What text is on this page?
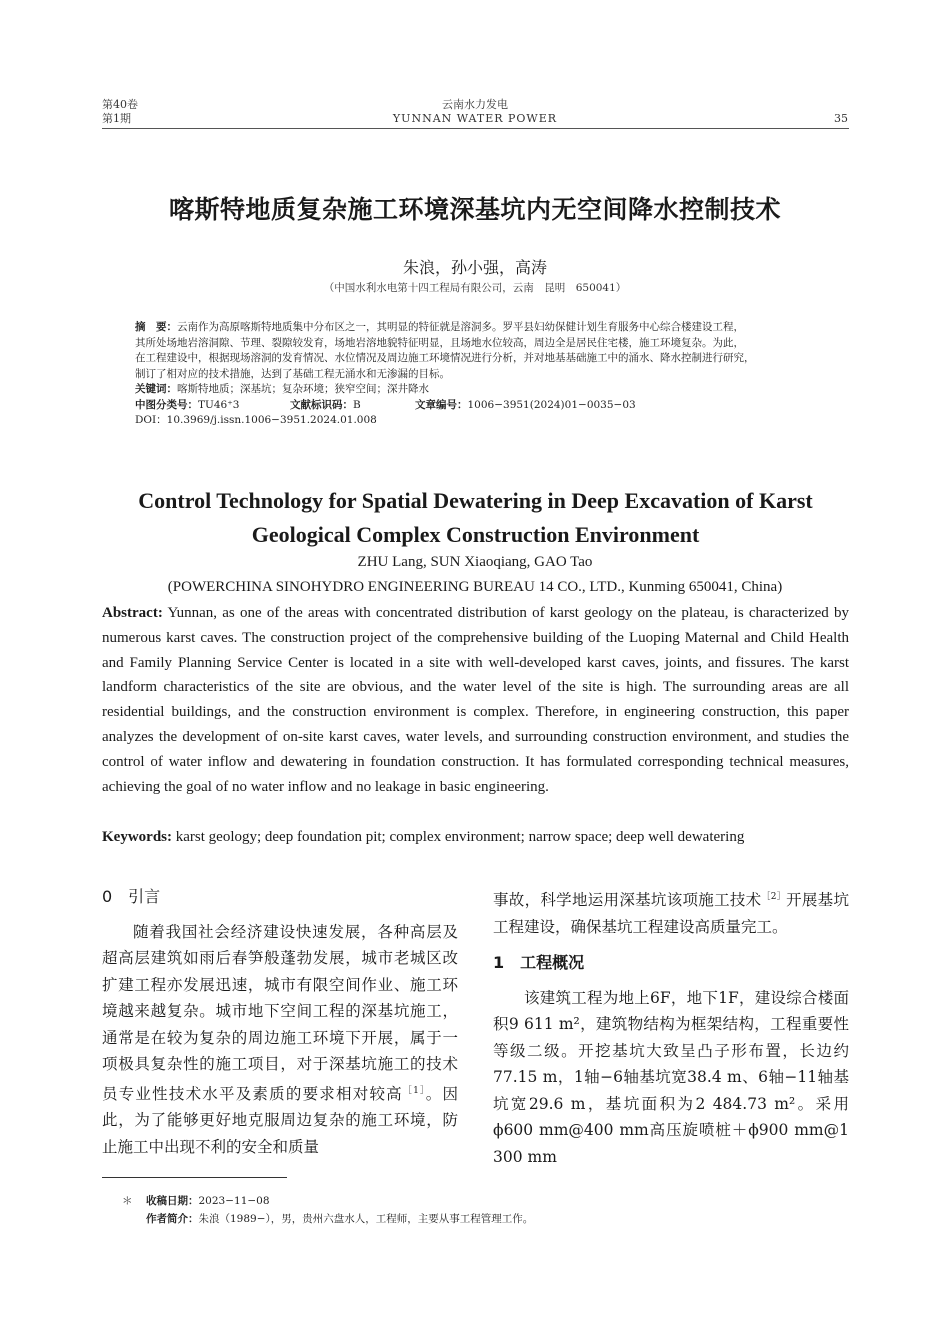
第40卷
第1期
云南水力发电
YUNNAN WATER POWER	35
喀斯特地质复杂施工环境深基坑内无空间降水控制技术
朱浪，孙小强，高涛
（中国水利水电第十四工程局有限公司，云南　昆明　650041）
摘　要：云南作为高原喀斯特地质集中分布区之一，其明显的特征就是溶洞多。罗平县妇幼保健计划生育服务中心综合楼建设工程，
其所处场地岩溶洞隙、节理、裂隙较发育，场地岩溶地貌特征明显，且场地水位较高，周边全是居民住宅楼，施工环境复杂。为此，
在工程建设中，根据现场溶洞的发育情况、水位情况及周边施工环境情况进行分析，并对地基基础施工中的涌水、降水控制进行研究，
制订了相对应的技术措施，达到了基础工程无涌水和无渗漏的目标。
关键词：喀斯特地质；深基坑；复杂环境；狭窄空间；深井降水
中图分类号：TU46⁺3	文献标识码：B	文章编号：1006−3951(2024)01−0035−03
DOI：10.3969/j.issn.1006−3951.2024.01.008
Control Technology for Spatial Dewatering in Deep Excavation of Karst
Geological Complex Construction Environment
ZHU Lang, SUN Xiaoqiang, GAO Tao
(POWERCHINA SINOHYDRO ENGINEERING BUREAU 14 CO., LTD., Kunming 650041, China)
Abstract: Yunnan, as one of the areas with concentrated distribution of karst geology on the plateau, is characterized by numerous karst caves. The construction project of the comprehensive building of the Luoping Maternal and Child Health and Family Planning Service Center is located in a site with well-developed karst caves, joints, and fissures. The karst landform characteristics of the site are obvious, and the water level of the site is high. The surrounding areas are all residential buildings, and the construction environment is complex. Therefore, in engineering construction, this paper analyzes the development of on-site karst caves, water levels, and surrounding construction environment, and studies the control of water inflow and dewatering in foundation construction. It has formulated corresponding technical measures, achieving the goal of no water inflow and no leakage in basic engineering.
Keywords: karst geology; deep foundation pit; complex environment; narrow space; deep well dewatering
0　引言

随着我国社会经济建设快速发展，各种高层及超高层建筑如雨后春笋般蓬勃发展，城市老城区改扩建工程亦发展迅速，城市有限空间作业、施工环境越来越复杂。城市地下空间工程的深基坑施工，通常是在较为复杂的周边施工环境下开展，属于一项极具复杂性的施工项目，对于深基坑施工的技术员专业性技术水平及素质的要求相对较高$^{[1]}$。因此，为了能够更好地克服周边复杂的施工环境，防止施工中出现不利的安全和质量

事故，科学地运用深基坑该项施工技术$^{[2]}$开展基坑工程建设，确保基坑工程建设高质量完工。

1　工程概况

该建筑工程为地上6F，地下1F，建设综合楼面积9 611 m²，建筑物结构为框架结构，工程重要性等级二级。开挖基坑大致呈凸子形布置，长边约77.15 m，1轴−6轴基坑宽38.4 m、6轴−11轴基坑宽29.6 m，基坑面积为2 484.73 m²。采用ϕ600 mm@400 mm高压旋喷桩＋ϕ900 mm@1 300 mm

＊ 收稿日期：2023−11−08
作者简介：朱浪（1989−），男，贵州六盘水人，工程师，主要从事工程管理工作。
